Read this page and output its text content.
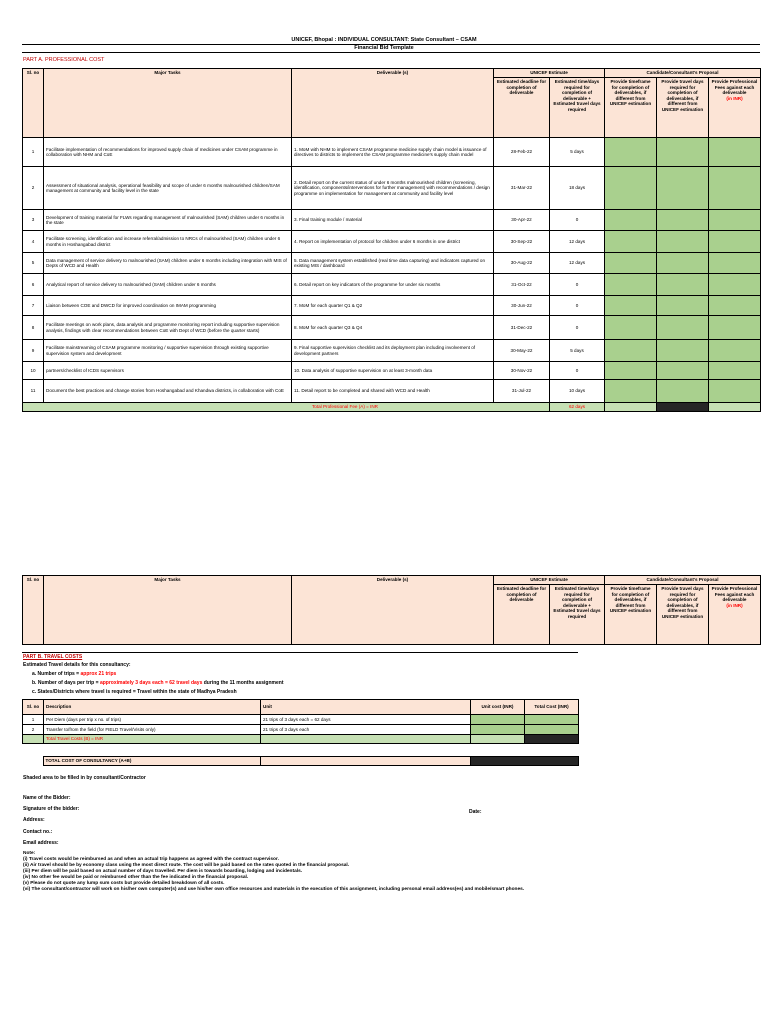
UNICEF, Bhopal : INDIVIDUAL CONSULTANT: State Consultant – CSAM
Financial Bid Template
PART A. PROFESSIONAL COST
Sl. no	Major Tasks	Deliverable (s)	UNICEF Estimate		Candidate/Consultant's Proposal		
			Estimated deadline for completion of deliverable	Estimated time/days required for completion of deliverable + Estimated travel days required	Provide timeframe for completion of deliverables, if different from UNICEF estimation	Provide travel days required for completion of deliverables, if different from UNICEF estimation	Provide Professional Fees against each deliverable
(in INR)
1	Facilitate implementation of recommendations for improved supply chain of medicines under CSAM programme in collaboration with NHM and CoE	1. MoM with NHM to implement CSAM programme medicine supply chain model & issuance of directives to districts to implement the CSAM programme medicine's supply chain model	28-Feb-22	5 days			
2	Assessment of situational analysis, operational feasibility and scope of under 6 months malnourished children/SAM management at community and facility level in the state	2. Detail report on the current status of under 6 months malnourished children (screening, identification, components/interventions for further management) with recommendations / design programme on implementation for management at community and facility level	31-Mar-22	18 days			
3	Development of training material for FLWs regarding management of malnourished (SAM) children under 6 months in the state	3. Final training module / material	30-Apr-22	0			
4	Facilitate screening, identification and increase referral/admission to NRCs of malnourished (SAM) children under 6 months in Hoshangabad district	4. Report on implementation of protocol for children under 6 months in one district	30-Sep-22	12 days			
5	Data management of service delivery to malnourished (SAM) children under 6 months including integration with MIS of Depts of WCD and Health	5. Data management system established (real time data capturing) and indicators captured on existing MIS / dashboard	30-Aug-22	12 days			
6	Analytical report of service delivery to malnourished (SAM) children under 6 months	6. Detail report on key indicators of the programme for under six months	31-Oct-22	0			
7	Liaison between COE and DWCD for improved coordination on IMAM programming	7. MoM for each quarter Q1 & Q2	30-Jun-22	0			
8	Facilitate meetings on work plans, data analysis and programme monitoring report including supportive supervision analysis, findings with clear recommendations between CoE with Dept of WCD (before the quarter starts)	8. MoM for each quarter Q3 & Q4	31-Dec-22	0			
9	Facilitate mainstreaming of CSAM programme monitoring / supportive supervision through existing supportive supervision system and development	9. Final supportive supervision checklist and its deployment plan including involvement of development partners	30-May-22	5 days			
10	partners/checklist of ICDS supervisors	10. Data analysis of supportive supervision on at least 3-month data	30-Nov-22	0			
11	Document the best practices and change stories from Hoshangabad and Khandwa districts, in collaboration with CoE	11. Detail report to be completed and shared with WCD and Health	31-Jul-22	10 days			
Total Professional Fee (A) = INR				62 days			
Sl. no	Major Tasks	Deliverable (s)	UNICEF Estimate		Candidate/Consultant's Proposal		
			Estimated deadline for completion of deliverable	Estimated time/days required for completion of deliverable + Estimated travel days required	Provide timeframe for completion of deliverables, if different from UNICEF estimation	Provide travel days required for completion of deliverables, if different from UNICEF estimation	Provide Professional Fees against each deliverable
(in INR)
PART B. TRAVEL COSTS
Estimated Travel details for this consultancy:
a. Number of trips = approx 21 trips
b. Number of days per trip = approximately 3 days each = 62 travel days during the 11 months assignment
c. States/Districts where travel is required = Travel within the state of Madhya Pradesh
Sl. no	Description	Unit	Unit cost (INR)	Total Cost (INR)
1	Per Diem (days per trip x no. of trips)	21 trips of 3 days each = 62 days		
2	Transfer to/from the field (for FIELD Travel/Visits only)	21 trips of 3 days each		
	Total Travel Costs (B) = INR			
	TOTAL COST OF CONSULTANCY (A+B)		
Shaded area to be filled in by consultant/Contractor
Name of the Bidder:
Signature of the bidder:	Date:
Address:
Contact no.:
Email address:
Note:
(i) Travel costs would be reimbursed as and when an actual trip happens as agreed with the contract supervisor.
(ii) Air travel should be by economy class using the most direct route. The cost will be paid based on the rates quoted in the financial proposal.
(iii) Per diem will be paid based on actual number of days travelled. Per diem is towards boarding, lodging and incidentals.
(iv) No other fee would be paid or reimbursed other than the fee indicated in the financial proposal.
(v) Please do not quote any lump sum costs but provide detailed breakdown of all costs.
(vi) The consultant/contractor will work on his/her own computer(s) and use his/her own office resources and materials in the execution of this assignment, including personal email address(es) and mobile/smart phones.
